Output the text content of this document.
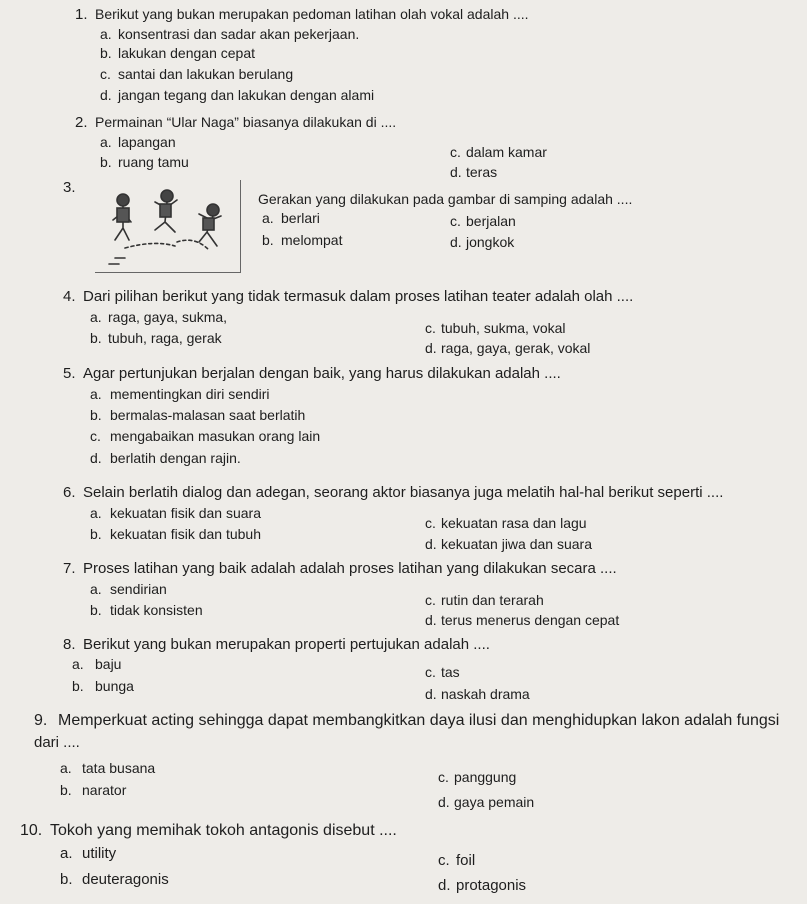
1. Berikut yang bukan merupakan pedoman latihan olah vokal adalah ....
a. konsentrasi dan sadar akan pekerjaan.
b. lakukan dengan cepat
c. santai dan lakukan berulang
d. jangan tegang dan lakukan dengan alami
2. Permainan “Ular Naga” biasanya dilakukan di ....
a. lapangan
b. ruang tamu
c. dalam kamar
d. teras
3.
Gerakan yang dilakukan pada gambar di samping adalah ....
a. berlari
b. melompat
c. berjalan
d. jongkok
4. Dari pilihan berikut yang tidak termasuk dalam proses latihan teater adalah olah ....
a. raga, gaya, sukma,
b. tubuh, raga, gerak
c. tubuh, sukma, vokal
d. raga, gaya, gerak, vokal
5. Agar pertunjukan berjalan dengan baik, yang harus dilakukan adalah ....
a. mementingkan diri sendiri
b. bermalas-malasan saat berlatih
c. mengabaikan masukan orang lain
d. berlatih dengan rajin.
6. Selain berlatih dialog dan adegan, seorang aktor biasanya juga melatih hal-hal berikut seperti ....
a. kekuatan fisik dan suara
b. kekuatan fisik dan tubuh
c. kekuatan rasa dan lagu
d. kekuatan jiwa dan suara
7. Proses latihan yang baik adalah adalah proses latihan yang dilakukan secara ....
a. sendirian
b. tidak konsisten
c. rutin dan terarah
d. terus menerus dengan cepat
8. Berikut yang bukan merupakan properti pertujukan adalah ....
a. baju
b. bunga
c. tas
d. naskah drama
9. Memperkuat acting sehingga dapat membangkitkan daya ilusi dan menghidupkan lakon adalah fungsi
dari ....
a. tata busana
b. narator
c. panggung
d. gaya pemain
10. Tokoh yang memihak tokoh antagonis disebut ....
a. utility
b. deuteragonis
c. foil
d. protagonis
